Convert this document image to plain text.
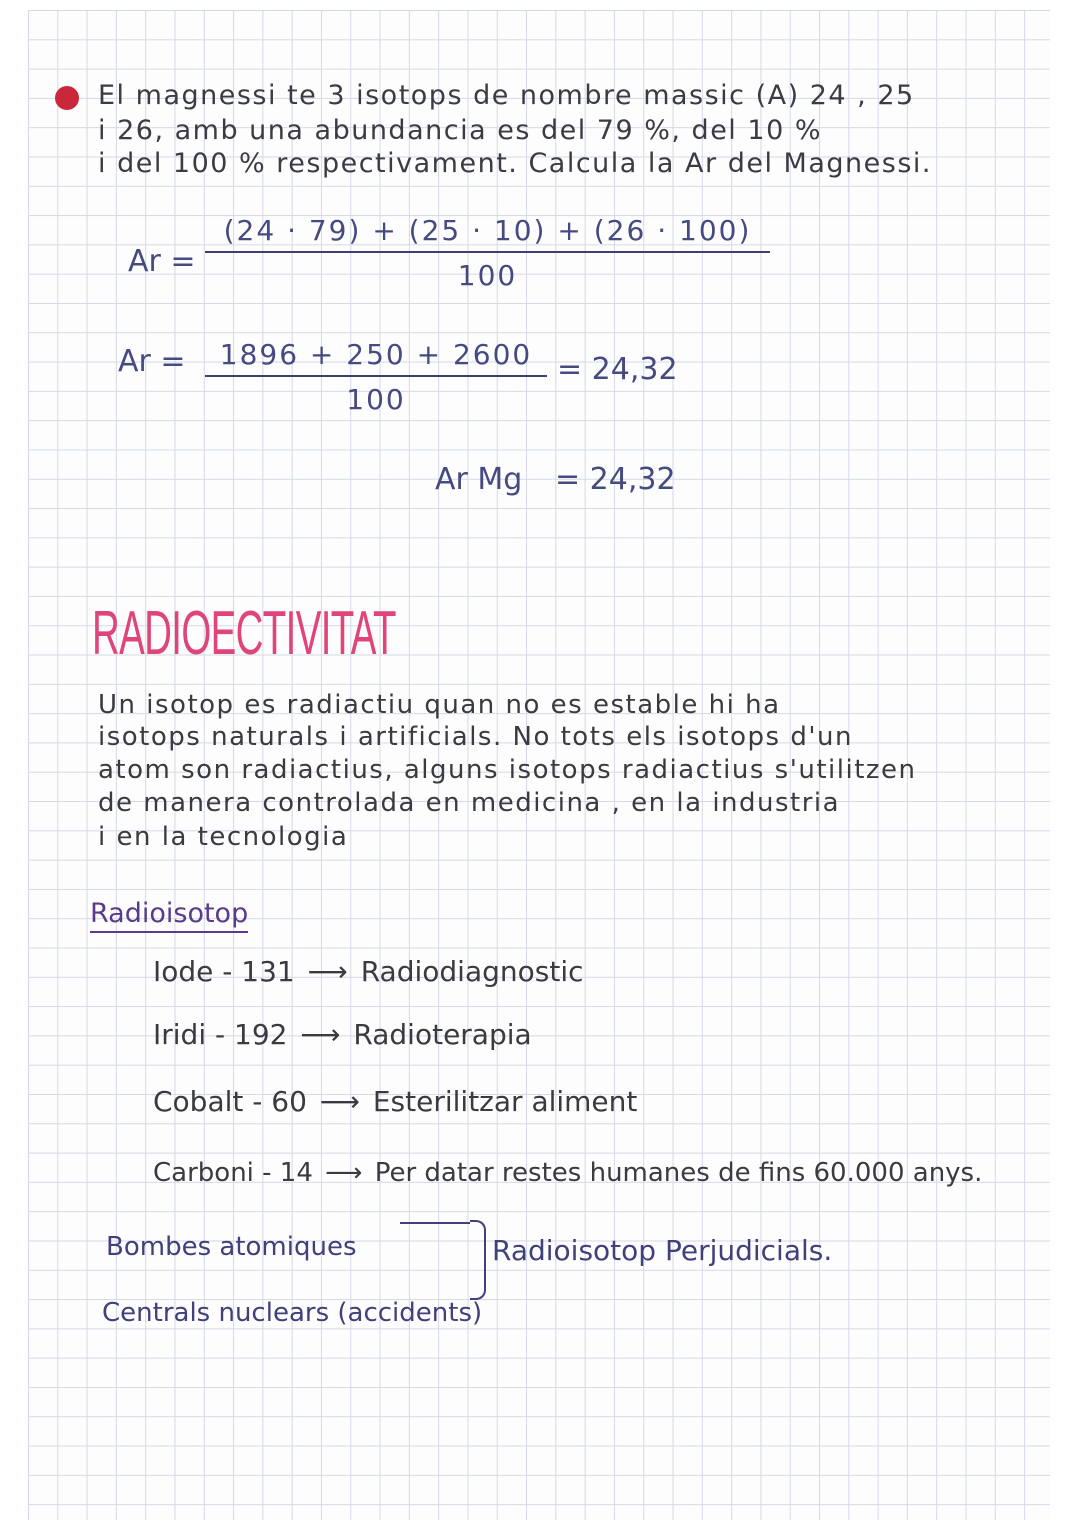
El magnessi te 3 isotops de nombre massic (A) 24 , 25
i 26, amb una abundancia es del 79 %, del 10 %
i del 100 % respectivament. Calcula la Ar del Magnessi.
Ar =
(24 · 79) + (25 · 10) + (26 · 100)
100
Ar =	1896 + 250 + 2600
100
= 24,32
Ar Mg = 24,32
RADIOECTIVITAT
Un isotop es radiactiu quan no es estable hi ha
isotops naturals i artificials. No tots els isotops d'un
atom son radiactius, alguns isotops radiactius s'utilitzen
de manera controlada en medicina , en la industria
i en la tecnologia
Radioisotop
Iode - 131 ⟶ Radiodiagnostic
Iridi - 192 ⟶ Radioterapia
Cobalt - 60 ⟶ Esterilitzar aliment
Carboni - 14 ⟶ Per datar restes humanes de fins 60.000 anys.
Bombes atomiques
Centrals nuclears (accidents)
Radioisotop Perjudicials.
